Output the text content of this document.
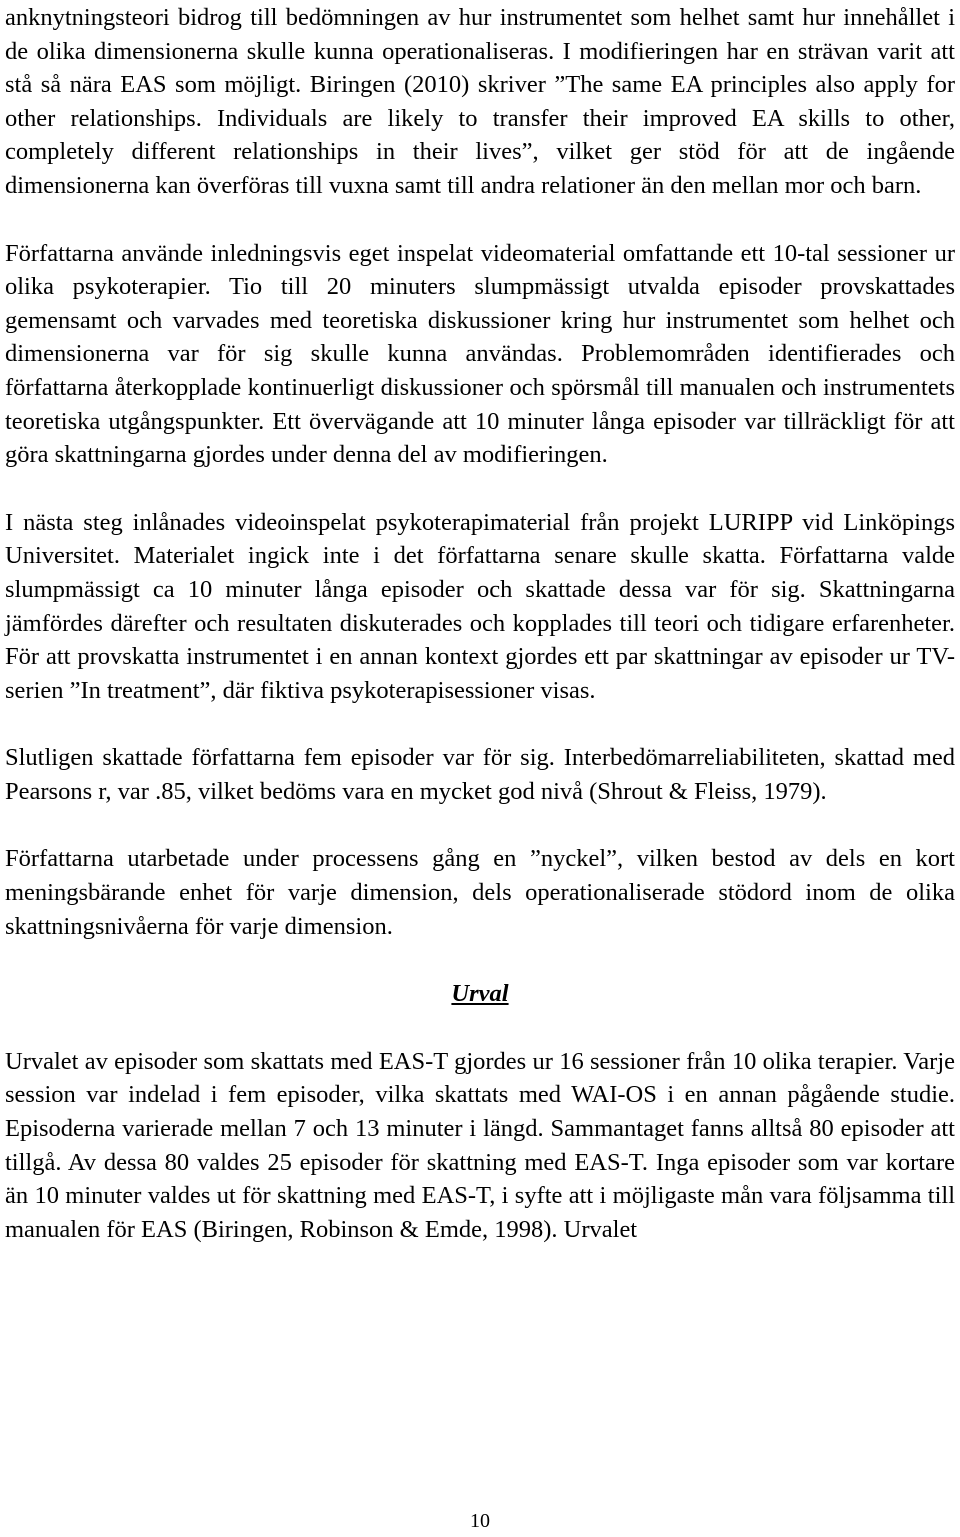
anknytningsteori bidrog till bedömningen av hur instrumentet som helhet samt hur innehållet i de olika dimensionerna skulle kunna operationaliseras. I modifieringen har en strävan varit att stå så nära EAS som möjligt. Biringen (2010) skriver ”The same EA principles also apply for other relationships. Individuals are likely to transfer their improved EA skills to other, completely different relationships in their lives”, vilket ger stöd för att de ingående dimensionerna kan överföras till vuxna samt till andra relationer än den mellan mor och barn.

Författarna använde inledningsvis eget inspelat videomaterial omfattande ett 10-tal sessioner ur olika psykoterapier. Tio till 20 minuters slumpmässigt utvalda episoder provskattades gemensamt och varvades med teoretiska diskussioner kring hur instrumentet som helhet och dimensionerna var för sig skulle kunna användas. Problemområden identifierades och författarna återkopplade kontinuerligt diskussioner och spörsmål till manualen och instrumentets teoretiska utgångspunkter. Ett övervägande att 10 minuter långa episoder var tillräckligt för att göra skattningarna gjordes under denna del av modifieringen.

I nästa steg inlånades videoinspelat psykoterapimaterial från projekt LURIPP vid Linköpings Universitet. Materialet ingick inte i det författarna senare skulle skatta. Författarna valde slumpmässigt ca 10 minuter långa episoder och skattade dessa var för sig. Skattningarna jämfördes därefter och resultaten diskuterades och kopplades till teori och tidigare erfarenheter. För att provskatta instrumentet i en annan kontext gjordes ett par skattningar av episoder ur TV-serien ”In treatment”, där fiktiva psykoterapisessioner visas.

Slutligen skattade författarna fem episoder var för sig. Interbedömarreliabiliteten, skattad med Pearsons r, var .85, vilket bedöms vara en mycket god nivå (Shrout & Fleiss, 1979).

Författarna utarbetade under processens gång en ”nyckel”, vilken bestod av dels en kort meningsbärande enhet för varje dimension, dels operationaliserade stödord inom de olika skattningsnivåerna för varje dimension.

Urval

Urvalet av episoder som skattats med EAS-T gjordes ur 16 sessioner från 10 olika terapier. Varje session var indelad i fem episoder, vilka skattats med WAI-OS i en annan pågående studie. Episoderna varierade mellan 7 och 13 minuter i längd. Sammantaget fanns alltså 80 episoder att tillgå. Av dessa 80 valdes 25 episoder för skattning med EAS-T. Inga episoder som var kortare än 10 minuter valdes ut för skattning med EAS-T, i syfte att i möjligaste mån vara följsamma till manualen för EAS (Biringen, Robinson & Emde, 1998). Urvalet

10
